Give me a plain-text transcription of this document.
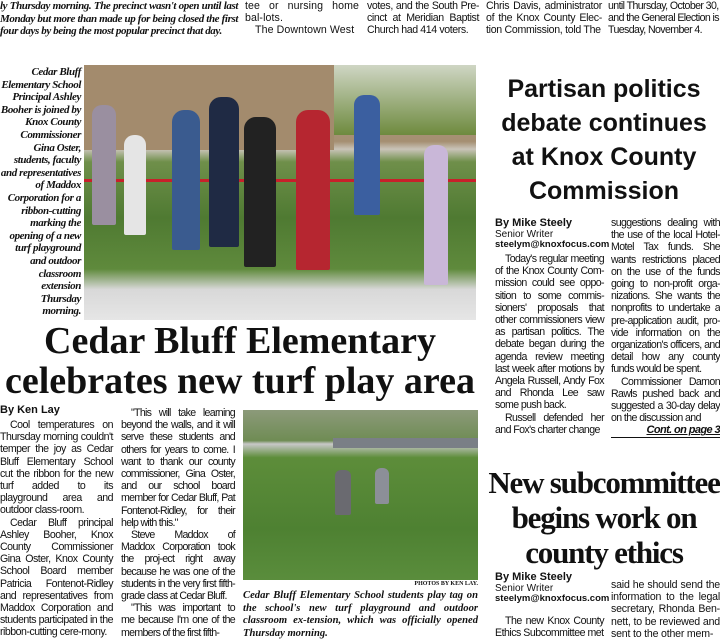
ly Thursday morning. The precinct wasn't open until last Monday but more than made up for being closed the first four days by being the most popular precinct that day.

tee or nursing home bal-lots.

The Downtown West

votes, and the South Pre-cinct at Meridian Baptist Church had 414 voters.
Chris Davis, administrator of the Knox County Elec-tion Commission, told The
until Thursday, October 30, and the General Election is Tuesday, November 4.
Cedar Bluff Elementary School Principal Ashley Booher is joined by Knox County Commissioner Gina Oster, students, faculty and representatives of Maddox Corporation for a ribbon-cutting marking the opening of a new turf playground and outdoor classroom extension Thursday morning.
Partisan politics debate continues at Knox County Commission
By Mike Steely
Senior Writer
steelym@knoxfocus.com

Today's regular meeting of the Knox County Com-mission could see oppo-sition to some commis-sioners' proposals that other commissioners view as partisan politics. The debate began during the agenda review meeting last week after motions by Angela Russell, Andy Fox and Rhonda Lee saw some push back.

Russell defended her and Fox's charter change

suggestions dealing with the use of the local Hotel-Motel Tax funds. She wants restrictions placed on the use of the funds going to non-profit orga-nizations. She wants the nonprofits to undertake a pre-application audit, pro-vide information on the organization's officers, and detail how any county funds would be spent.

Commissioner Damon Rawls pushed back and suggested a 30-day delay on the discussion and

Cont. on page 3
Cedar Bluff Elementary celebrates new turf play area
By Ken Lay

Cool temperatures on Thursday morning couldn't temper the joy as Cedar Bluff Elementary School cut the ribbon for the new turf added to its playground area and outdoor class-room.

Cedar Bluff principal Ashley Booher, Knox County Commissioner Gina Oster, Knox County School Board member Patricia Fontenot-Ridley and representatives from Maddox Corporation and students participated in the ribbon-cutting cere-mony.

"This will take learning beyond the walls, and it will serve these students and others for years to come. I want to thank our county commissioner, Gina Oster, and our school board member for Cedar Bluff, Pat Fontenot-Ridley, for their help with this."

Steve Maddox of Maddox Corporation took the proj-ect right away because he was one of the students in the very first fifth-grade class at Cedar Bluff.

"This was important to me because I'm one of the members of the first fifth-

PHOTOS BY KEN LAY.
Cedar Bluff Elementary School students play tag on the school's new turf playground and outdoor classroom ex-tension, which was officially opened Thursday morning.
New subcommittee begins work on county ethics
By Mike Steely
Senior Writer
steelym@knoxfocus.com

The new Knox County Ethics Subcommittee met

said he should send the information to the legal secretary, Rhonda Ben-nett, to be reviewed and sent to the other mem-
